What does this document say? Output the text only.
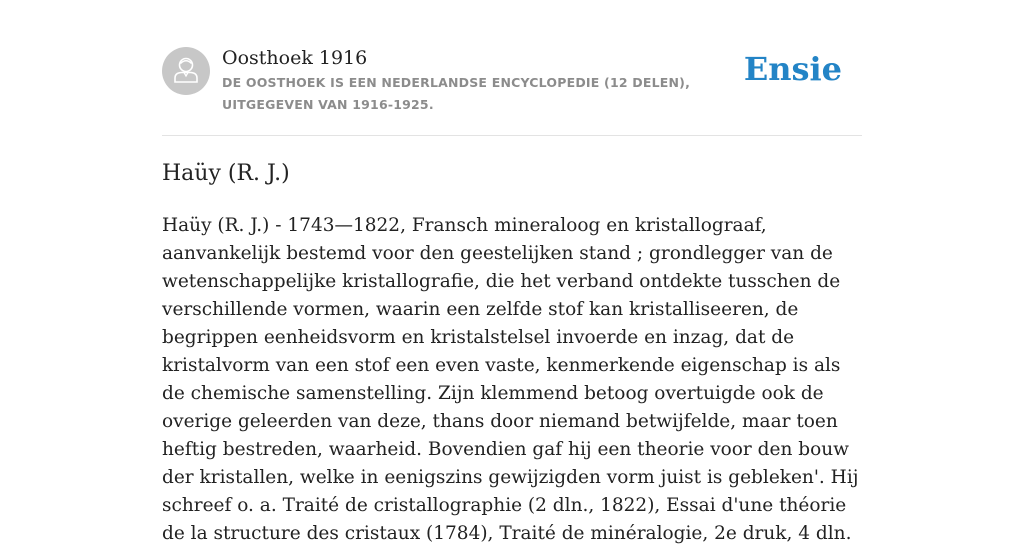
Oosthoek 1916
DE OOSTHOEK IS EEN NEDERLANDSE ENCYCLOPEDIE (12 DELEN), UITGEGEVEN VAN 1916-1925.
Ensie
Haüy (R. J.)

Haüy (R. J.) - 1743—1822, Fransch mineraloog en kristallograaf, aanvankelijk bestemd voor den geestelijken stand ; grondlegger van de wetenschappelijke kristallografie, die het verband ontdekte tusschen de verschillende vormen, waarin een zelfde stof kan kristalliseeren, de begrippen eenheidsvorm en kristalstelsel invoerde en inzag, dat de kristalvorm van een stof een even vaste, kenmerkende eigenschap is als de chemische samenstelling. Zijn klemmend betoog overtuigde ook de overige geleerden van deze, thans door niemand betwijfelde, maar toen heftig bestreden, waarheid. Bovendien gaf hij een theorie voor den bouw der kristallen, welke in eenigszins gewijzigden vorm juist is gebleken'. Hij schreef o. a. Traité de cristallographie (2 dln., 1822), Essai d'une théorie de la structure des cristaux (1784), Traité de minéralogie, 2e druk, 4 dln.
